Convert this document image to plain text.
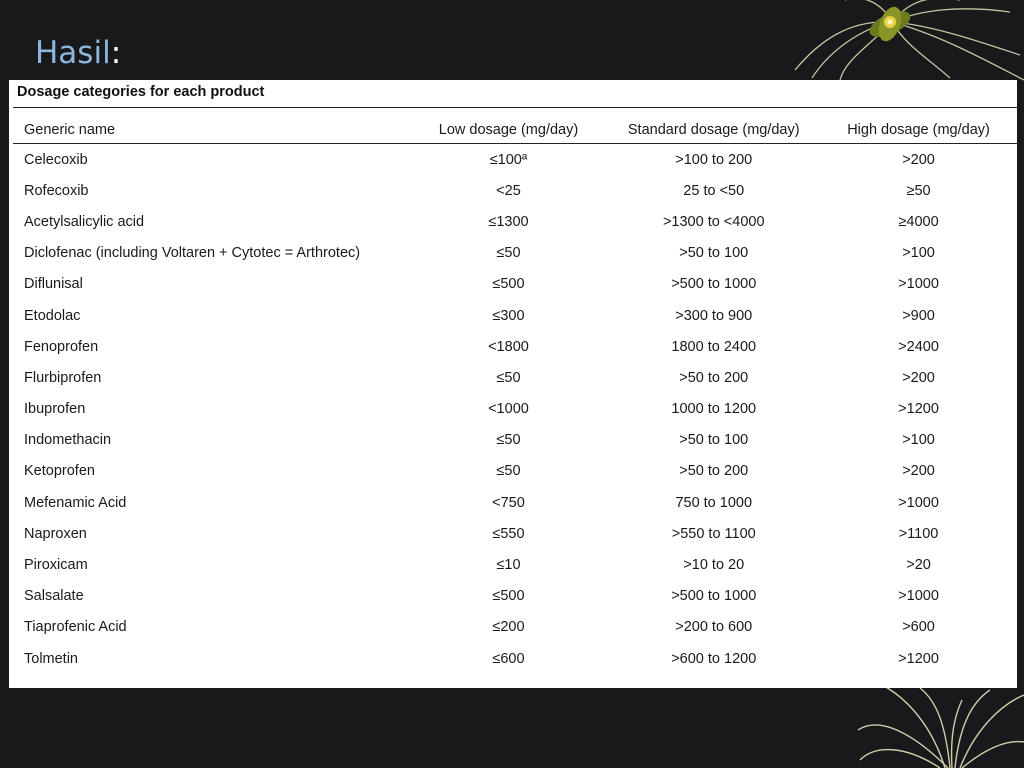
Hasil:
Dosage categories for each product
Generic name	Low dosage (mg/day)	Standard dosage (mg/day)	High dosage (mg/day)
Celecoxib	≤100ª	>100 to 200	>200
Rofecoxib	<25	25 to <50	≥50
Acetylsalicylic acid	≤1300	>1300 to <4000	≥4000
Diclofenac (including Voltaren + Cytotec = Arthrotec)	≤50	>50 to 100	>100
Diflunisal	≤500	>500 to 1000	>1000
Etodolac	≤300	>300 to 900	>900
Fenoprofen	<1800	1800 to 2400	>2400
Flurbiprofen	≤50	>50 to 200	>200
Ibuprofen	<1000	1000 to 1200	>1200
Indomethacin	≤50	>50 to 100	>100
Ketoprofen	≤50	>50 to 200	>200
Mefenamic Acid	<750	750 to 1000	>1000
Naproxen	≤550	>550 to 1100	>1100
Piroxicam	≤10	>10 to 20	>20
Salsalate	≤500	>500 to 1000	>1000
Tiaprofenic Acid	≤200	>200 to 600	>600
Tolmetin	≤600	>600 to 1200	>1200
